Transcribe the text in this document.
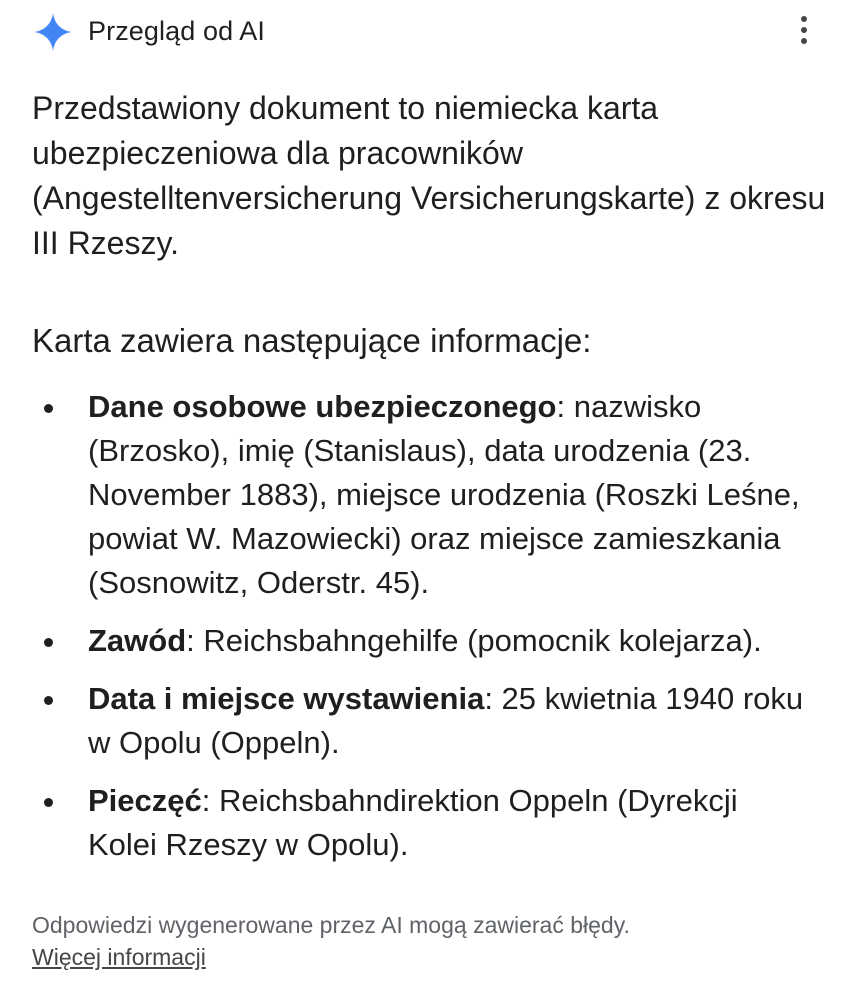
Przegląd od AI

Przedstawiony dokument to niemiecka karta ubezpieczeniowa dla pracowników (Angestelltenversicherung Versicherungskarte) z okresu III Rzeszy.

Karta zawiera następujące informacje:
Dane osobowe ubezpieczonego: nazwisko (Brzosko), imię (Stanislaus), data urodzenia (23. November 1883), miejsce urodzenia (Roszki Leśne, powiat W. Mazowiecki) oraz miejsce zamieszkania (Sosnowitz, Oderstr. 45).
Zawód: Reichsbahngehilfe (pomocnik kolejarza).
Data i miejsce wystawienia: 25 kwietnia 1940 roku w Opolu (Oppeln).
Pieczęć: Reichsbahndirektion Oppeln (Dyrekcji Kolei Rzeszy w Opolu).

Odpowiedzi wygenerowane przez AI mogą zawierać błędy.

Więcej informacji
